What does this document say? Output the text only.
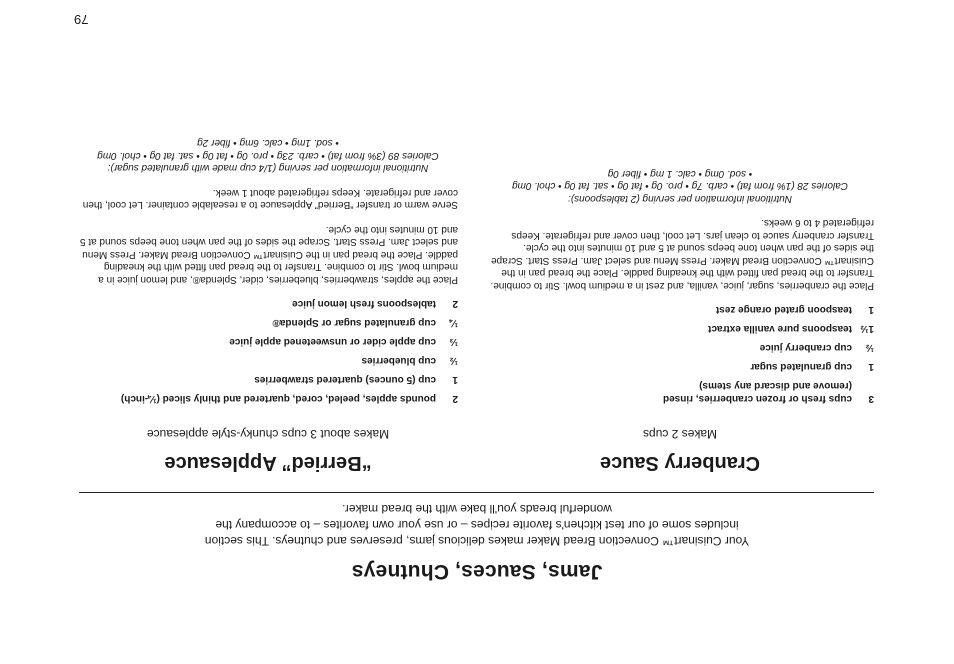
Jams, Sauces, Chutneys
Your Cuisinart™ Convection Bread Maker makes delicious jams, preserves and chutneys. This section includes some of our test kitchen's favorite recipes – or use your own favorites – to accompany the wonderful breads you'll bake with the bread maker.
Cranberry Sauce
Makes 2 cups
3
cups fresh or frozen cranberries, rinsed (remove and discard any stems)
1
cup granulated sugar
½
cup cranberry juice
1½
teaspoons pure vanilla extract
1
teaspoon grated orange zest
Place the cranberries, sugar, juice, vanilla, and zest in a medium bowl. Stir to combine. Transfer to the bread pan fitted with the kneading paddle. Place the bread pan in the Cuisinart™ Convection Bread Maker. Press Menu and select Jam. Press Start. Scrape the sides of the pan when tone beeps sound at 5 and 10 minutes into the cycle. Transfer cranberry sauce to clean jars. Let cool, then cover and refrigerate. Keeps refrigerated 4 to 6 weeks.
Nutritional information per serving (2 tablespoons):
Calories 28 (1% from fat) • carb. 7g • pro. 0g • fat 0g • sat. fat 0g • chol. 0mg
• sod. 0mg • calc. 1 mg • fiber 0g
“Berried” Applesauce
Makes about 3 cups chunky-style applesauce
2
pounds apples, peeled, cored, quartered and thinly sliced (¼-inch)
1
cup (5 ounces) quartered strawberries
½
cup blueberries
⅓
cup apple cider or unsweetened apple juice
¼
cup granulated sugar or Splenda®
2
tablespoons fresh lemon juice
Place the apples, strawberries, blueberries, cider, Splenda®, and lemon juice in a medium bowl. Stir to combine. Transfer to the bread pan fitted with the kneading paddle. Place the bread pan in the Cuisinart™ Convection Bread Maker. Press Menu and select Jam. Press Start. Scrape the sides of the pan when tone beeps sound at 5 and 10 minutes into the cycle.
Serve warm or transfer “Berried” Applesauce to a resealable container. Let cool, then cover and refrigerate. Keeps refrigerated about 1 week.
Nutritional information per serving (1/4 cup made with granulated sugar):
Calories 89 (3% from fat) • carb. 23g • pro. 0g • fat 0g • sat. fat 0g • chol. 0mg
• sod. 1mg • calc. 6mg • fiber 2g
79
